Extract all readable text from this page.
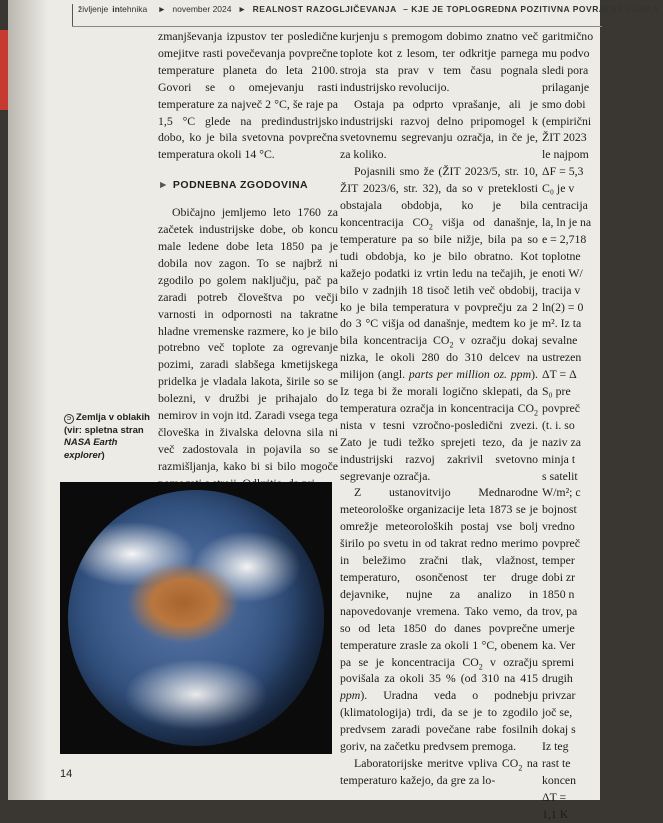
življenje intehnika ► november 2024 ► REALNOST RAZOGLJIČEVANJA – KJE JE TOPLOGREDNA POZITIVNA POVRATNA ZANKA

zmanjševanja izpustov ter posledične omejitve rasti povečevanja povprečne temperature planeta do leta 2100. Govori se o omejevanju rasti temperature za največ 2 °C, še raje pa 1,5 °C glede na predindustrijsko dobo, ko je bila svetovna povprečna temperatura okoli 14 °C.

► PODNEBNA ZGODOVINA

Običajno jemljemo leto 1760 za začetek industrijske dobe, ob koncu male ledene dobe leta 1850 pa je dobila nov zagon. To se najbrž ni zgodilo po golem naključju, pač pa zaradi potreb človeštva po večji varnosti in odpornosti na takratne hladne vremenske razmere, ko je bilo potrebno več toplote za ogrevanje pozimi, zaradi slabšega kmetijskega pridelka je vladala lakota, širile so se bolezni, v družbi je prihajalo do nemirov in vojn itd. Zaradi vsega tega človeška in živalska delovna sila ni več zadostovala in pojavila so se razmišljanja, kako bi si bilo mogoče

kurjenju s premogom dobimo znatno več toplote kot z lesom, ter odkritje parnega stroja sta prav v tem času pognala industrijsko revolucijo.

Ostaja pa odprto vprašanje, ali je industrijski razvoj delno pripomogel k svetovnemu segrevanju ozračja, in če je, za koliko.

Pojasnili smo že (ŽIT 2023/5, str. 10, ŽIT 2023/6, str. 32), da so v preteklosti obstajala obdobja, ko je bila koncentracija $CO_2$ višja od današnje, temperature pa so bile nižje, bila pa so tudi obdobja, ko je bilo obratno. Kot kažejo podatki iz vrtin ledu na tečajih, je bilo v zadnjih 18 tisoč letih več obdobij, ko je bila temperatura v povprečju za 2 do 3 °C višja od današnje, medtem ko je bila koncentracija $CO_2$ v ozračju dokaj nizka, le okoli 280 do 310 delcev na milijon (angl. parts per million oz. ppm). Iz tega bi že morali logično sklepati, da temperatura ozračja in koncentracija $CO_2$ nista v tesni vzročno-posledični zvezi. Zato je tudi težko sprejeti tezo, da je industrijski razvoj zakrivil svetovno segrevanje ozračja.

Z ustanovitvijo Mednarodne meteorološke organizacije leta 1873 se je omrežje meteoroloških postaj vse bolj širilo po svetu in od takrat redno merimo in beležimo zračni tlak, vlažnost, temperaturo, osončenost ter druge dejavnike, nujne za analizo in napovedovanje vremena. Tako vemo, da so od leta 1850 do danes povprečne temperature zrasle za okoli 1 °C, obenem pa se je koncentracija $CO_2$ v ozračju povišala za okoli 35 % (od 310 na 415 ppm). Uradna veda o podnebju (klimatologija) trdi, da se je to zgodilo predvsem zaradi povečane rabe fosilnih goriv, na začetku predvsem premoga.

Laboratorijske meritve vpliva $CO_2$ na temperaturo kažejo, da gre za lo-

garitmično
mu podvo
sledi pora
prilaganje
smo dobi
(empirični
ŽIT 2023
le najpom
ΔF = 5,3
C₀ je v
centracija
la, ln je na
e = 2,718
toplotne
enoti W/
tracija v
ln(2) = 0
m². Iz ta
sevalne
ustrezen
ΔT = Δ
S₀ pre
povpreč
(t. i. so
naziv za
minja t
s satelit
W/m²; c
bojnost
vredno
povpreč
temper
dobi zr
1850 n
trov, pa
umerje
ka. Ver
spremi
drugih
privzar
joč se,
dokaj s
Iz teg
rast te
koncen
ΔT =
1,1 K
⊃ Zemlja v oblakih (vir: spletna stran NASA Earth explorer)
14
